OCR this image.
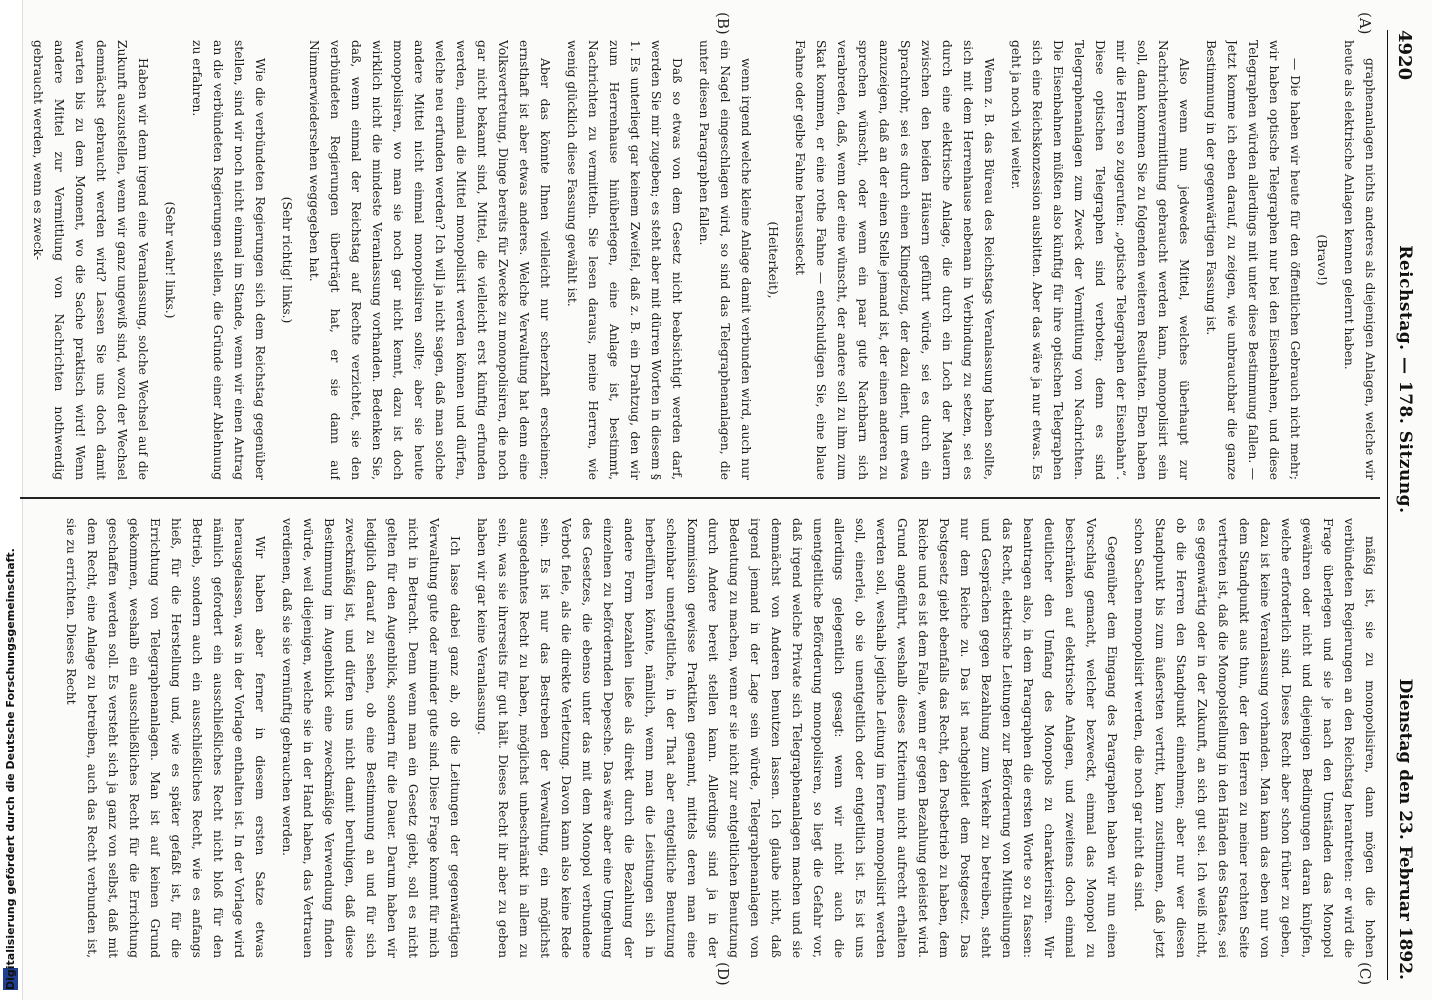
Digitalisierung gefördert durch die Deutsche Forschungsgemeinschaft.
4920
Reichstag. — 178. Sitzung.
Dienstag den 23. Februar 1892.
(A)
(B)
(C)
(D)

graphenanlagen nichts anderes als diejenigen Anlagen, welche wir heute als elektrische Anlagen kennen gelernt haben.

(Bravo!)

— Die haben wir heute für den öffentlichen Gebrauch nicht mehr; wir haben optische Telegraphen nur bei den Eisenbahnen, und diese Telegraphen würden allerdings mit unter diese Bestimmung fallen. — Jetzt komme ich eben darauf, zu zeigen, wie unbrauchbar die ganze Bestimmung in der gegenwärtigen Fassung ist.

Also wenn nun jedwedes Mittel, welches überhaupt zur Nachrichtenvermittlung gebraucht werden kann, monopolisirt sein soll, dann kommen Sie zu folgenden weiteren Resultaten. Eben haben mir die Herren so zugerufen: „optische Telegraphen der Eisenbahn“. Diese optischen Telegraphen sind verboten; denn es sind Telegraphenanlagen zum Zweck der Vermittlung von Nachrichten. Die Eisenbahnen müßten also künftig für ihre optischen Telegraphen sich eine Reichskonzession ausbitten. Aber das wäre ja nur etwas. Es geht ja noch viel weiter.

Wenn z. B. das Büreau des Reichstags Veranlassung haben sollte, sich mit dem Herrenhause nebenan in Verbindung zu setzen, sei es durch eine elektrische Anlage, die durch ein Loch der Mauern zwischen den beiden Häusern geführt würde, sei es durch ein Sprachrohr, sei es durch einen Klingelzug, der dazu dient, um etwa anzuzeigen, daß an der einen Stelle jemand ist, der einen anderen zu sprechen wünscht, oder wenn ein paar gute Nachbarn sich verabreden, daß, wenn der eine wünscht, der andere soll zu ihm zum Skat kommen, er eine rothe Fahne — entschuldigen Sie, eine blaue Fahne oder gelbe Fahne heraussteckt

(Heiterkeit),

wenn irgend welche kleine Anlage damit verbunden wird, auch nur ein Nagel eingeschlagen wird, so sind das Telegraphenanlagen, die unter diesen Paragraphen fallen.

Daß so etwas von dem Gesetz nicht beabsichtigt werden darf, werden Sie mir zugeben; es steht aber mit dürren Worten in diesem § 1. Es unterliegt gar keinem Zweifel, daß z. B. ein Drahtzug, den wir zum Herrenhause hinüberlegen, eine Anlage ist, bestimmt, Nachrichten zu vermitteln. Sie lesen daraus, meine Herren, wie wenig glücklich diese Fassung gewählt ist.

Aber das könnte Ihnen vielleicht nur scherzhaft erscheinen; ernsthaft ist aber etwas anderes. Welche Verwaltung hat denn eine Volksvertretung, Dinge bereits für Zwecke zu monopolisiren, die noch gar nicht bekannt sind, Mittel, die vielleicht erst künftig erfunden werden, einmal die Mittel monopolisirt werden können und dürfen, welche neu erfunden werden? Ich will ja nicht sagen, daß man solche andere Mittel nicht einmal monopolisiren sollte; aber sie heute monopolisiren, wo man sie noch gar nicht kennt, dazu ist doch wirklich nicht die mindeste Veranlassung vorhanden. Bedenken Sie, daß, wenn einmal der Reichstag auf Rechte verzichtet, sie den verbündeten Regierungen überträgt hat, er sie dann auf Nimmerwiedersehen weggegeben hat.

(Sehr richtig! links.)

Wie die verbündeten Regierungen sich dem Reichstag gegenüber stellen, sind wir noch nicht einmal im Stande, wenn wir einen Antrag an die verbündeten Regierungen stellen, die Gründe einer Ablehnung zu erfahren.

(Sehr wahr! links.)

Haben wir denn irgend eine Veranlassung, solche Wechsel auf die Zukunft auszustellen, wenn wir ganz ungewiß sind, wozu der Wechsel demnächst gebraucht werden wird? Lassen Sie uns doch damit warten bis zu dem Moment, wo die Sache praktisch wird! Wenn andere Mittel zur Vermittlung von Nachrichten nothwendig gebraucht werden, wenn es zweck-

mäßig ist, sie zu monopolisiren, dann mögen die hohen verbündeten Regierungen an den Reichstag herantreten: er wird die Frage überlegen und sie je nach den Umständen das Monopol gewähren oder nicht und diejenigen Bedingungen daran knüpfen, welche erforderlich sind. Dieses Recht aber schon früher zu geben, dazu ist keine Veranlassung vorhanden. Man kann das eben nur von dem Standpunkt aus thun, der den Herren zu meiner rechten Seite vertreten ist, daß die Monopolstellung in den Händen des Staates, sei es gegenwärtig oder in der Zukunft, an sich gut sei. Ich weiß nicht, ob die Herren den Standpunkt einnehmen; aber nur wer diesen Standpunkt bis zum äußersten vertritt, kann zustimmen, daß jetzt schon Sachen monopolisirt werden, die noch gar nicht da sind.

Gegenüber dem Eingang des Paragraphen haben wir nun einen Vorschlag gemacht, welcher bezweckt, einmal das Monopol zu beschränken auf elektrische Anlagen, und zweitens doch einmal deutlicher den Umfang des Monopols zu charakterisiren. Wir beantragen also, in dem Paragraphen die ersten Worte so zu fassen: das Recht, elektrische Leitungen zur Beförderung von Mittheilungen und Gesprächen gegen Bezahlung zum Verkehr zu betreiben, steht nur dem Reiche zu. Das ist nachgebildet dem Postgesetz. Das Postgesetz giebt ebenfalls das Recht, den Postbetrieb zu haben, dem Reiche und es ist dem Falle, wenn er gegen Bezahlung geleistet wird. Grund angeführt, weshalb dieses Kriterium nicht aufrecht erhalten werden soll, weshalb jegliche Leitung im ferner monopolisirt werden soll, einerlei, ob sie unentgeltlich oder entgeltlich ist. Es ist uns allerdings gelegentlich gesagt: wenn wir nicht auch die unentgeltliche Beförderung monopolisiren, so liegt die Gefahr vor, daß irgend welche Private sich Telegraphenanlagen machen und sie demnächst von Anderen benutzen lassen. Ich glaube nicht, daß irgend jemand in der Lage sein würde, Telegraphenanlagen von Bedeutung zu machen, wenn er sie nicht zur entgeltlichen Benutzung durch Andere bereit stellen kann. Allerdings sind ja in der Kommission gewisse Praktiken genannt, mittels deren man eine scheinbar unentgeltliche, in der That aber entgeltliche Benutzung herbeiführen könnte, nämlich, wenn man die Leistungen sich in andere Form bezahlen ließe als direkt durch die Bezahlung der einzelnen zu befördernden Depesche. Das wäre aber eine Umgehung des Gesetzes, die ebenso unter das mit dem Monopol verbundene Verbot fiele, als die direkte Verletzung. Davon kann also keine Rede sein. Es ist nur das Bestreben der Verwaltung, ein möglichst ausgedehntes Recht zu haben, möglichst unbeschränkt in allem zu sein, was sie ihrerseits für gut hält. Dieses Recht ihr aber zu geben haben wir gar keine Veranlassung.

Ich lasse dabei ganz ab, ob die Leitungen der gegenwärtigen Verwaltung gute oder minder gute sind. Diese Frage kommt für mich nicht in Betracht. Denn wenn man ein Gesetz giebt, soll es nicht gelten für den Augenblick, sondern für die Dauer. Darum haben wir lediglich darauf zu sehen, ob eine Bestimmung an und für sich zweckmäßig ist, und dürfen uns nicht damit beruhigen, daß diese Bestimmung im Augenblick eine zweckmäßige Verwendung finden würde, weil diejenigen, welche sie in der Hand haben, das Vertrauen verdienen, daß sie sie vernünftig gebrauchen werden.

Wir haben aber ferner in diesem ersten Satze etwas herausgelassen, was in der Vorlage enthalten ist. In der Vorlage wird nämlich gefordert ein ausschließliches Recht nicht bloß für den Betrieb, sondern auch ein ausschließliches Recht, wie es anfangs hieß, für die Herstellung und, wie es später gefaßt ist, für die Errichtung von Telegraphenanlagen. Man ist auf keinen Grund gekommen, weshalb ein ausschließliches Recht für die Errichtung geschaffen werden soll. Es versteht sich ja ganz von selbst, daß mit dem Recht, eine Anlage zu betreiben, auch das Recht verbunden ist, sie zu errichten. Dieses Recht
